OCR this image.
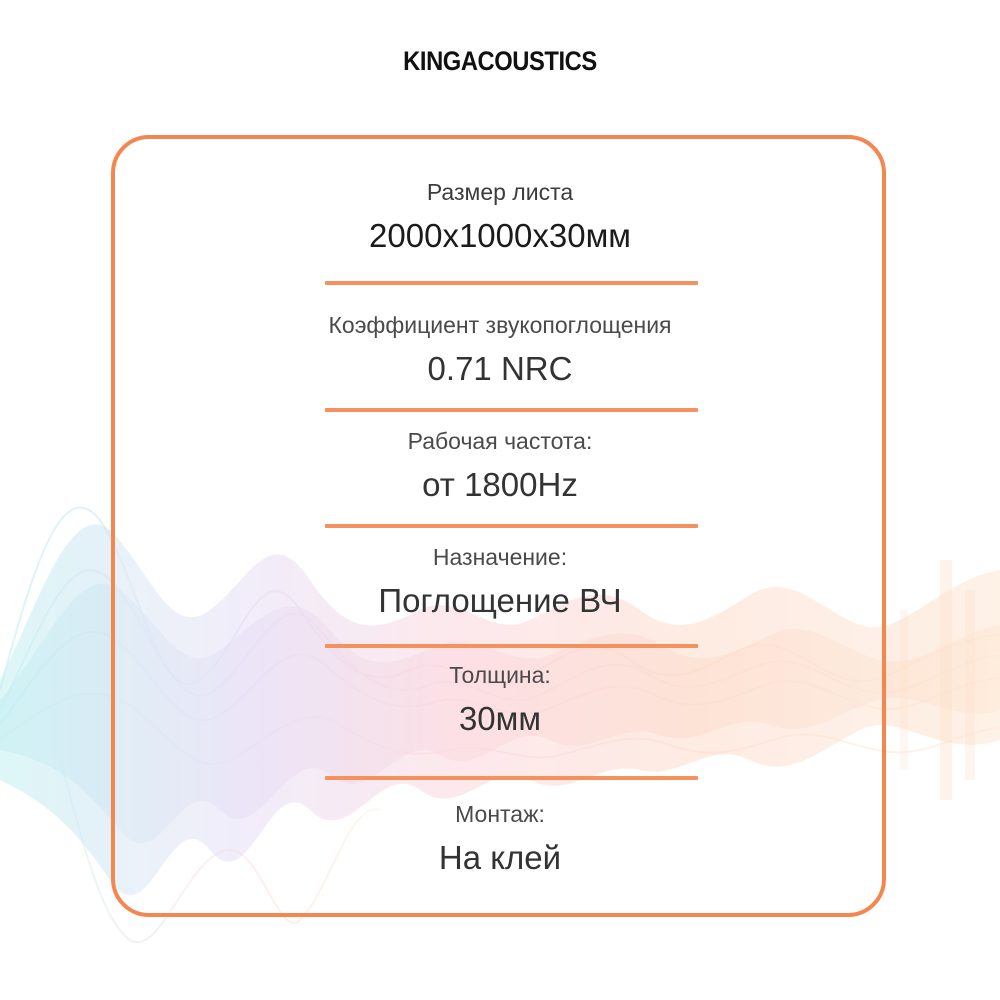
KINGACOUSTICS
Размер листа
2000x1000x30мм
Коэффициент звукопоглощения
0.71 NRC
Рабочая частота:
от 1800Hz
Назначение:
Поглощение ВЧ
Толщина:
30мм
Монтаж:
На клей
